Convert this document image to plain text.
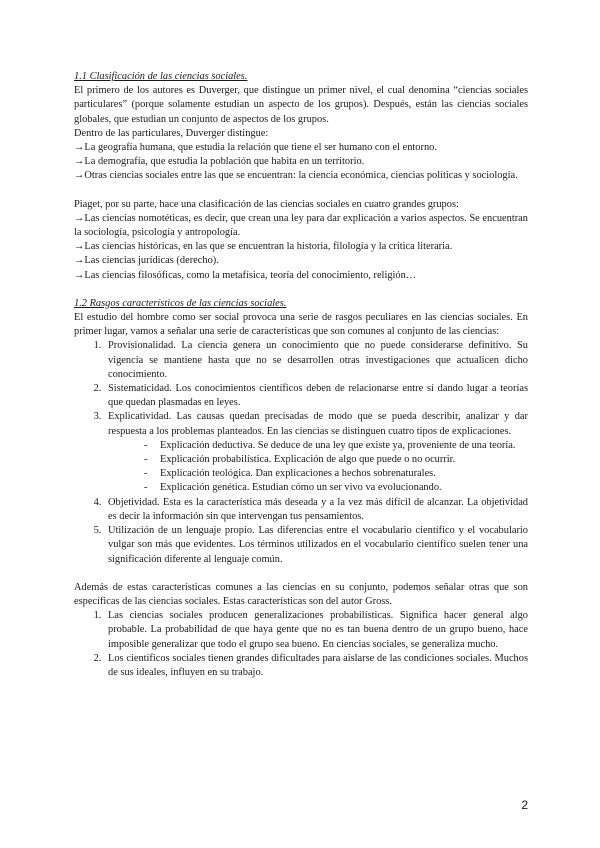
1.1 Clasificación de las ciencias sociales.

El primero de los autores es Duverger, que distingue un primer nivel, el cual denomina “ciencias sociales particulares” (porque solamente estudian un aspecto de los grupos). Después, están las ciencias sociales globales, que estudian un conjunto de aspectos de los grupos.

Dentro de las particulares, Duverger distingue:

→La geografía humana, que estudia la relación que tiene el ser humano con el entorno.

→La demografía, que estudia la población que habita en un territorio.

→Otras ciencias sociales entre las que se encuentran: la ciencia económica, ciencias políticas y sociología.

Piaget, por su parte, hace una clasificación de las ciencias sociales en cuatro grandes grupos:

→Las ciencias nomotéticas, es decir, que crean una ley para dar explicación a varios aspectos. Se encuentran la sociología, psicología y antropología.

→Las ciencias históricas, en las que se encuentran la historia, filología y la crítica literaria.

→Las ciencias jurídicas (derecho).

→Las ciencias filosóficas, como la metafísica, teoría del conocimiento, religión…

1.2 Rasgos característicos de las ciencias sociales.

El estudio del hombre como ser social provoca una serie de rasgos peculiares en las ciencias sociales. En primer lugar, vamos a señalar una serie de características que son comunes al conjunto de las ciencias:

1. Provisionalidad. La ciencia genera un conocimiento que no puede considerarse definitivo. Su vigencia se mantiene hasta que no se desarrollen otras investigaciones que actualicen dicho conocimiento.
2. Sistematicidad. Los conocimientos científicos deben de relacionarse entre sí dando lugar a teorías que quedan plasmadas en leyes.
3. Explicatividad. Las causas quedan precisadas de modo que se pueda describir, analizar y dar respuesta a los problemas planteados. En las ciencias se distinguen cuatro tipos de explicaciones.
- Explicación deductiva. Se deduce de una ley que existe ya, proveniente de una teoría.
- Explicación probabilística. Explicación de algo que puede o no ocurrir.
- Explicación teológica. Dan explicaciones a hechos sobrenaturales.
- Explicación genética. Estudian cómo un ser vivo va evolucionando.
4. Objetividad. Esta es la característica más deseada y a la vez más difícil de alcanzar. La objetividad es decir la información sin que intervengan tus pensamientos.
5. Utilización de un lenguaje propio. Las diferencias entre el vocabulario científico y el vocabulario vulgar son más que evidentes. Los términos utilizados en el vocabulario científico suelen tener una significación diferente al lenguaje común.

Además de estas características comunes a las ciencias en su conjunto, podemos señalar otras que son específicas de las ciencias sociales. Estas características son del autor Gross.

1. Las ciencias sociales producen generalizaciones probabilísticas. Significa hacer general algo probable. La probabilidad de que haya gente que no es tan buena dentro de un grupo bueno, hace imposible generalizar que todo el grupo sea bueno. En ciencias sociales, se generaliza mucho.
2. Los científicos sociales tienen grandes dificultades para aislarse de las condiciones sociales. Muchos de sus ideales, influyen en su trabajo.
2
